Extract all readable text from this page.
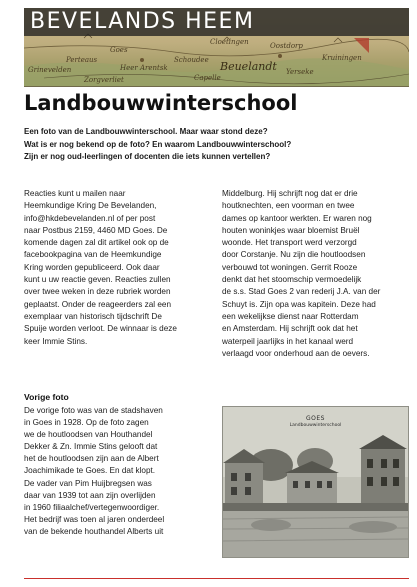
BEVELANDS HEEM
Grinevelden
Goes
Cloetingen
Schoudee Beuelandt
Capelle
Yerseke
Zorgverliet
Perteaus	Kruiningen
Oostdorp
Heer Arentsk
Landbouwwinterschool

Een foto van de Landbouwwinterschool. Maar waar stond deze?

Wat is er nog bekend op de foto? En waarom Landbouwwinterschool?

Zijn er nog oud-leerlingen of docenten die iets kunnen vertellen?

Reacties kunt u mailen naar

Heemkundige Kring De Bevelanden,

info@hkdebevelanden.nl of per post

naar Postbus 2159, 4460 MD Goes. De

komende dagen zal dit artikel ook op de

facebookpagina van de Heemkundige

Kring worden gepubliceerd. Ook daar

kunt u uw reactie geven. Reacties zullen

over twee weken in deze rubriek worden

geplaatst. Onder de reageerders zal een

exemplaar van historisch tijdschrift De

Spuije worden verloot. De winnaar is deze

keer Immie Stins.

Vorige foto

De vorige foto was van de stadshaven

in Goes in 1928. Op de foto zagen

we de houtloodsen van Houthandel

Dekker & Zn. Immie Stins gelooft dat

het de houtloodsen zijn aan de Albert

Joachimikade te Goes. En dat klopt.

De vader van Pim Huijbregsen was

daar van 1939 tot aan zijn overlijden

in 1960 filiaalchef/vertegenwoordiger.

Het bedrijf was toen al jaren onderdeel

van de bekende houthandel Alberts uit

Middelburg. Hij schrijft nog dat er drie

houtknechten, een voorman en twee

dames op kantoor werkten. Er waren nog

houten woninkjes waar bloemist Bruël

woonde. Het transport werd verzorgd

door Corstanje. Nu zijn die houtloodsen

verbouwd tot woningen. Gerrit Rooze

denkt dat het stoomschip vermoedelijk

de s.s. Stad Goes 2 van rederij J.A. van der

Schuyt is. Zijn opa was kapitein. Deze had

een wekelijkse dienst naar Rotterdam

en Amsterdam. Hij schrijft ook dat het

waterpeil jaarlijks in het kanaal werd

verlaagd voor onderhoud aan de oevers.

GOES
Landbouwwinterschool
